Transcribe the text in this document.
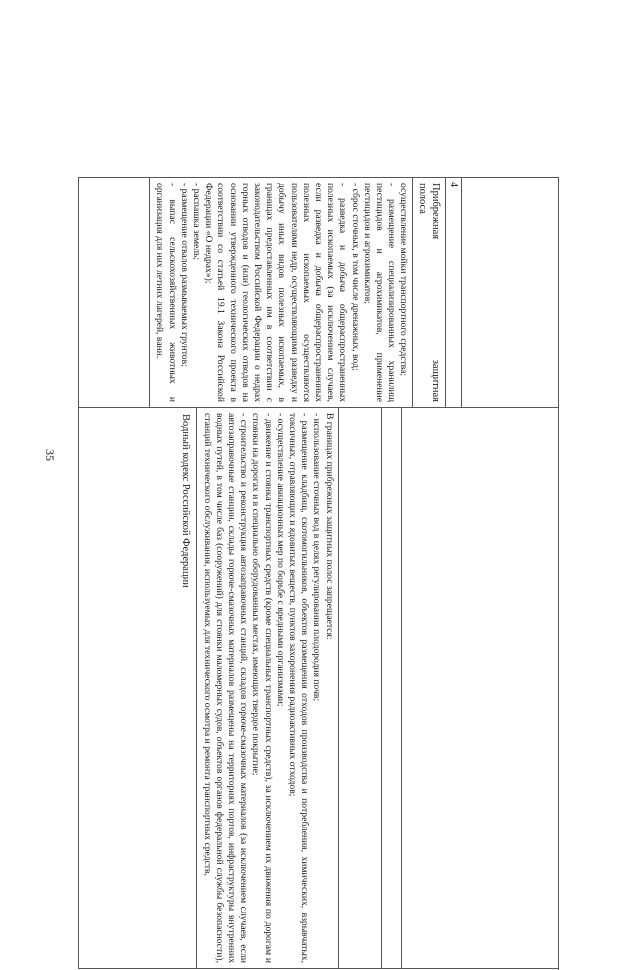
35
4
Прибрежная
защитная

полоса

осуществление мойки транспортного средства;

- размещение специализированных хранилищ пестицидов и агрохимикатов, применение пестицидов и агрохимикатов;

- сброс сточных, в том числе дренажных, вод;

- разведка и добыча общераспространенных полезных ископаемых (за исключением случаев, если разведка и добыча общераспространенных полезных ископаемых осуществляются пользователями недр, осуществляющими разведку и добычу иных видов полезных ископаемых, в границах предоставленных им в соответствии с законодательством Российской Федерации о недрах горных отводов и (или) геологических отводов на основании утвержденного технического проекта в соответствии со статьей 19.1 Закона Российской Федерации «О недрах»);

- распашка земель;

- размещение отвалов размываемых грунтов;

- выпас сельскохозяйственных животных и организация для них летних лагерей, ванн.

В границах прибрежных защитных полос запрещается:

- использование сточных вод в целях регулирования плодородия почв;

- размещение кладбищ, скотомогильников, объектов размещения отходов производства и потребления, химических, взрывчатых, токсичных, отравляющих и ядовитых веществ, пунктов захоронения радиоактивных отходов;

- осуществление авиационных мер по борьбе с вредными организмами;

- движение и стоянка транспортных средств (кроме специальных транспортных средств), за исключением их движения по дорогам и стоянки на дорогах и в специально оборудованных местах, имеющих твердое покрытие;

- строительство и реконструкция автозаправочных станций, складов горюче-смазочных материалов (за исключением случаев, если автозаправочные станции, склады горюче-смазочных материалов размещены на территориях портов, инфраструктуры внутренних водных путей, в том числе баз (сооружений) для стоянки маломерных судов, объектов органов федеральной службы безопасности), станций технического обслуживания, используемых для технического осмотра и ремонта транспортных средств,

Водный кодекс Российской Федерации
